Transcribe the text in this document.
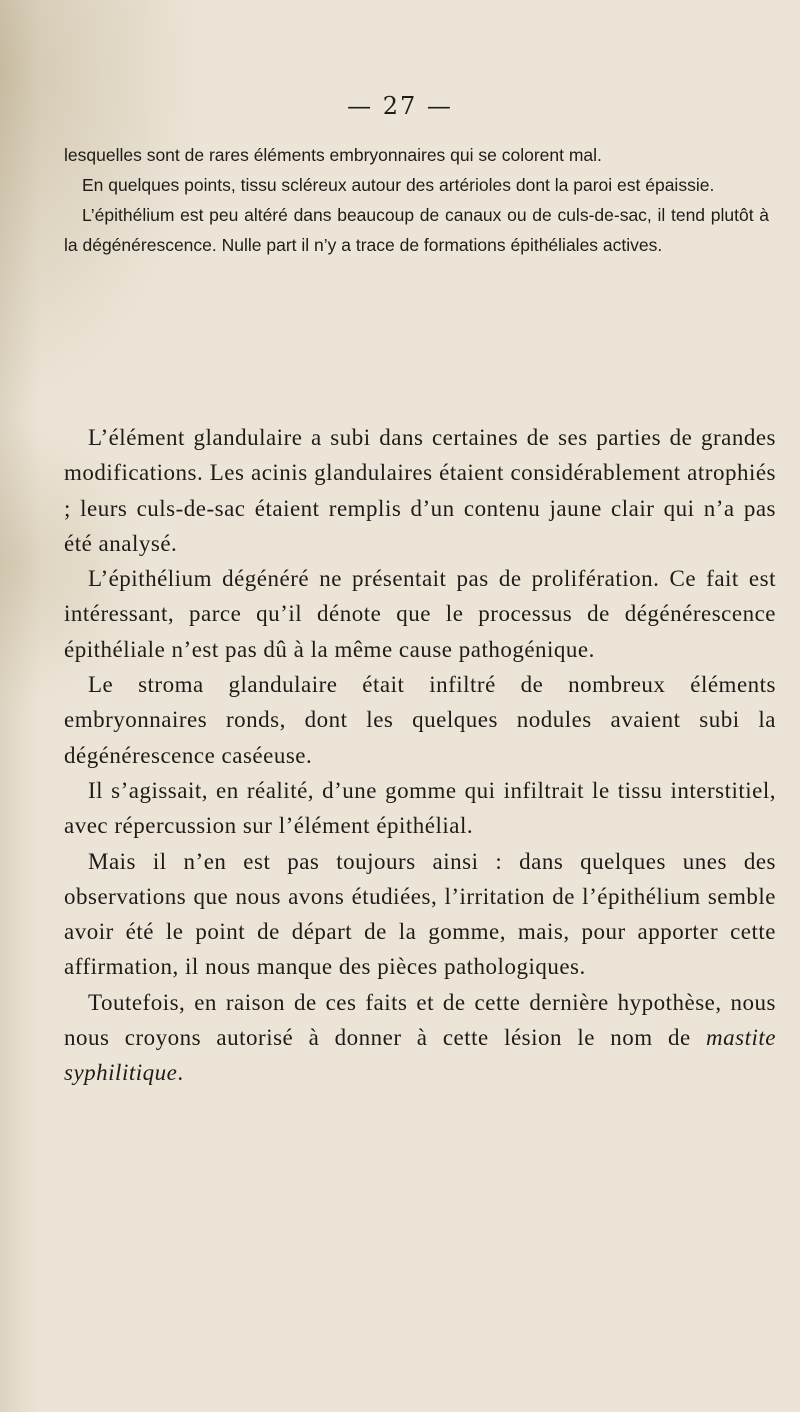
— 27 —

lesquelles sont de rares éléments embryonnaires qui se colorent mal.

En quelques points, tissu scléreux autour des artérioles dont la paroi est épaissie.

L’épithélium est peu altéré dans beaucoup de canaux ou de culs-de-sac, il tend plutôt à la dégénérescence. Nulle part il n’y a trace de formations épithéliales actives.

L’élément glandulaire a subi dans certaines de ses parties de grandes modifications. Les acinis glandulaires étaient considérablement atrophiés ; leurs culs-de-sac étaient remplis d’un contenu jaune clair qui n’a pas été analysé.

L’épithélium dégénéré ne présentait pas de prolifération. Ce fait est intéressant, parce qu’il dénote que le processus de dégénérescence épithéliale n’est pas dû à la même cause pathogénique.

Le stroma glandulaire était infiltré de nombreux éléments embryonnaires ronds, dont les quelques nodules avaient subi la dégénérescence caséeuse.

Il s’agissait, en réalité, d’une gomme qui infiltrait le tissu interstitiel, avec répercussion sur l’élément épithélial.

Mais il n’en est pas toujours ainsi : dans quelques unes des observations que nous avons étudiées, l’irritation de l’épithélium semble avoir été le point de départ de la gomme, mais, pour apporter cette affirmation, il nous manque des pièces pathologiques.

Toutefois, en raison de ces faits et de cette dernière hypothèse, nous nous croyons autorisé à donner à cette lésion le nom de mastite syphilitique.
